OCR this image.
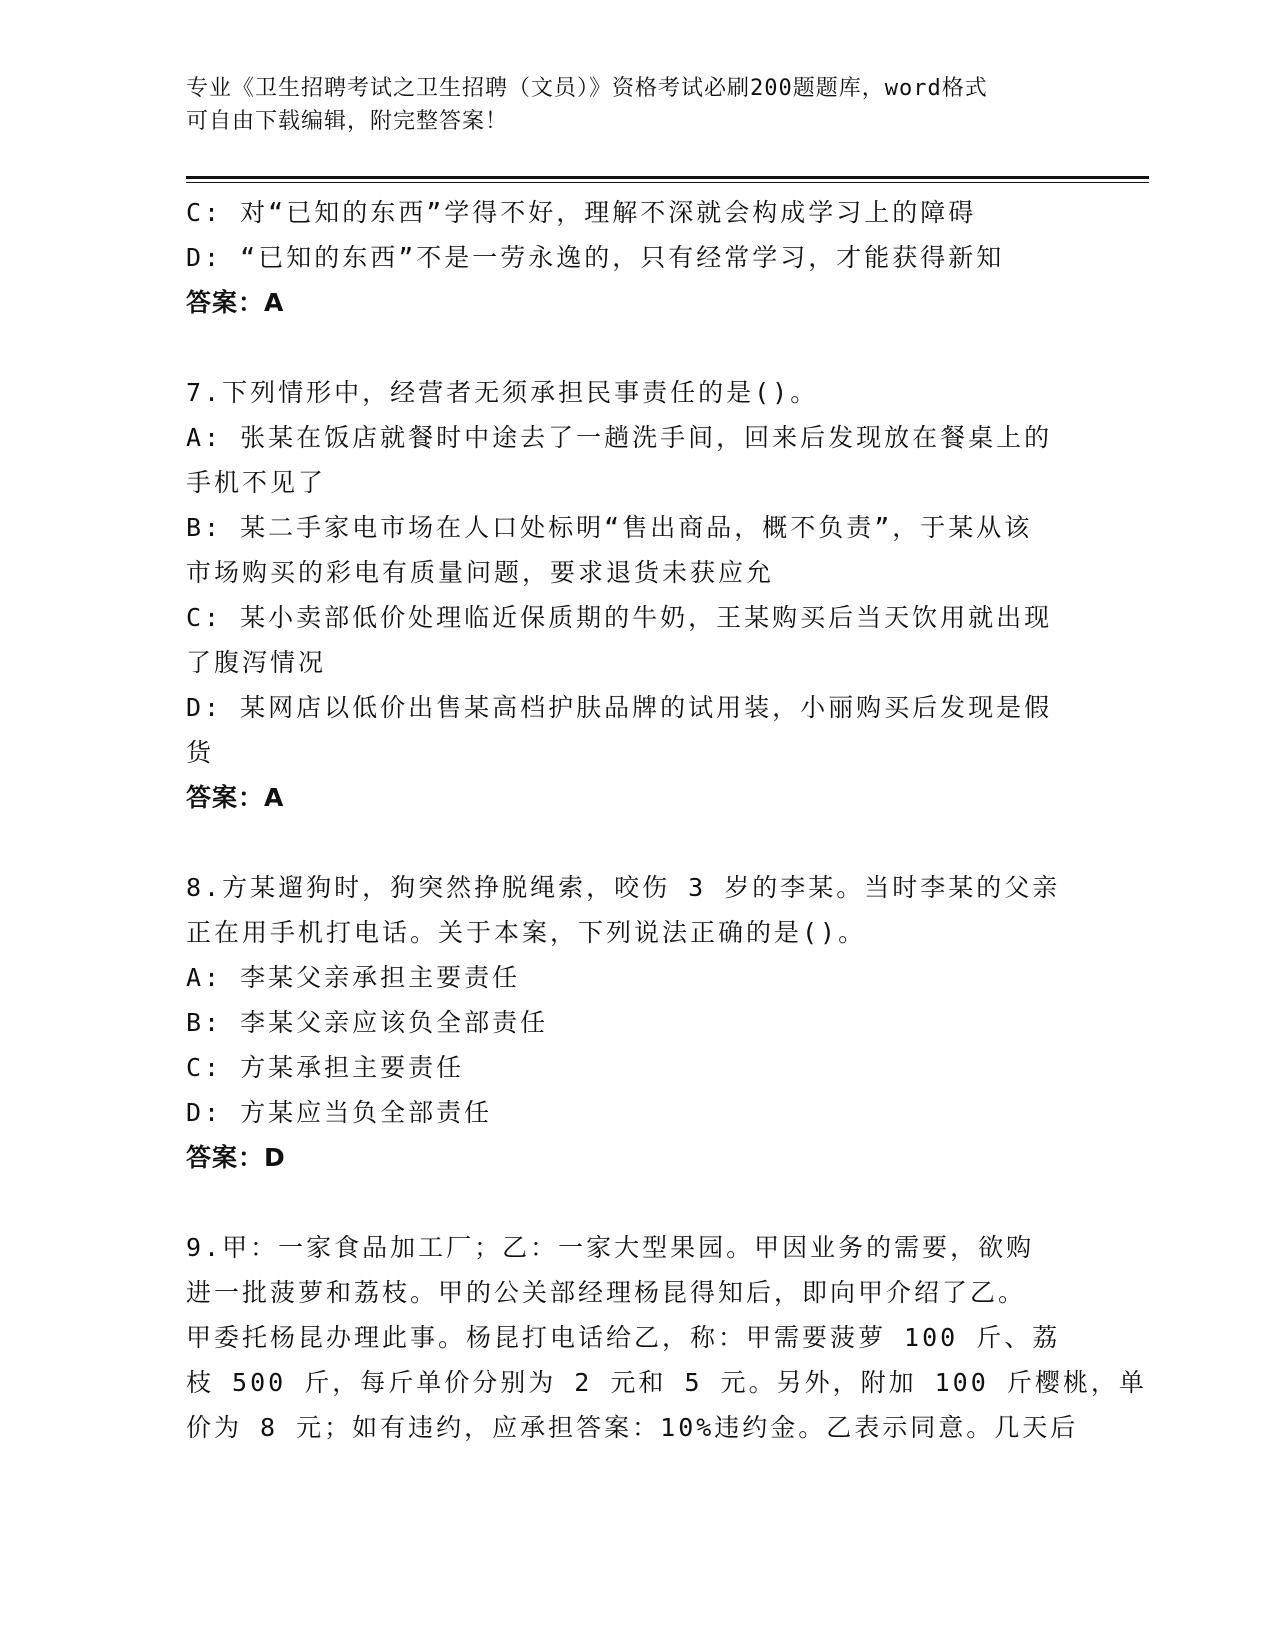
专业《卫生招聘考试之卫生招聘（文员）》资格考试必刷200题题库，word格式
可自由下载编辑，附完整答案！

C: 对“已知的东西”学得不好，理解不深就会构成学习上的障碍

D: “已知的东西”不是一劳永逸的，只有经常学习，才能获得新知

答案：A

7.下列情形中，经营者无须承担民事责任的是()。

A: 张某在饭店就餐时中途去了一趟洗手间，回来后发现放在餐桌上的

手机不见了

B: 某二手家电市场在人口处标明“售出商品，概不负责”，于某从该

市场购买的彩电有质量问题，要求退货未获应允

C: 某小卖部低价处理临近保质期的牛奶，王某购买后当天饮用就出现

了腹泻情况

D: 某网店以低价出售某高档护肤品牌的试用装，小丽购买后发现是假

货

答案：A

8.方某遛狗时，狗突然挣脱绳索，咬伤 3 岁的李某。当时李某的父亲

正在用手机打电话。关于本案，下列说法正确的是()。

A: 李某父亲承担主要责任

B: 李某父亲应该负全部责任

C: 方某承担主要责任

D: 方某应当负全部责任

答案：D

9.甲：一家食品加工厂；乙：一家大型果园。甲因业务的需要，欲购

进一批菠萝和荔枝。甲的公关部经理杨昆得知后，即向甲介绍了乙。

甲委托杨昆办理此事。杨昆打电话给乙，称：甲需要菠萝 100 斤、荔

枝 500 斤，每斤单价分别为 2 元和 5 元。另外，附加 100 斤樱桃，单

价为 8 元；如有违约，应承担答案：10%违约金。乙表示同意。几天后
